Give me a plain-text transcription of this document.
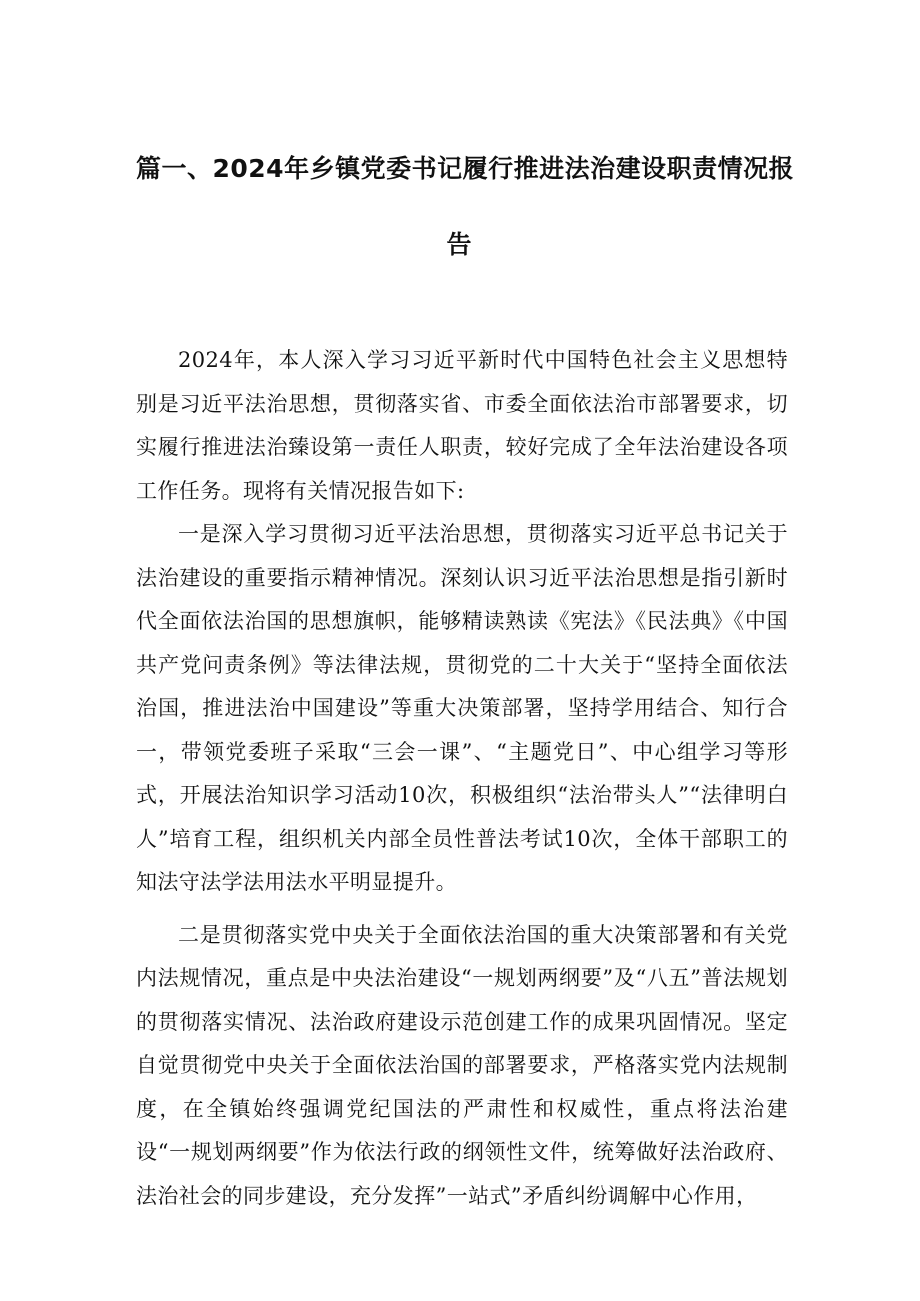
篇一、2024年乡镇党委书记履行推进法治建设职责情况报
告

2024年，本人深入学习习近平新时代中国特色社会主义思想特别是习近平法治思想，贯彻落实省、市委全面依法治市部署要求，切实履行推进法治臻设第一责任人职责，较好完成了全年法治建设各项工作任务。现将有关情况报告如下:

一是深入学习贯彻习近平法治思想，贯彻落实习近平总书记关于法治建设的重要指示精神情况。深刻认识习近平法治思想是指引新时代全面依法治国的思想旗帜，能够精读熟读《宪法》《民法典》《中国共产党问责条例》等法律法规，贯彻党的二十大关于“坚持全面依法治国，推进法治中国建设”等重大决策部署，坚持学用结合、知行合一，带领党委班子采取“三会一课”、“主题党日”、中心组学习等形式，开展法治知识学习活动10次，积极组织“法治带头人”“法律明白人”培育工程，组织机关内部全员性普法考试10次，全体干部职工的知法守法学法用法水平明显提升。

二是贯彻落实党中央关于全面依法治国的重大决策部署和有关党内法规情况，重点是中央法治建设“一规划两纲要”及“八五”普法规划的贯彻落实情况、法治政府建设示范创建工作的成果巩固情况。坚定自觉贯彻党中央关于全面依法治国的部署要求，严格落实党内法规制度，在全镇始终强调党纪国法的严肃性和权威性，重点将法治建设“一规划两纲要”作为依法行政的纲领性文件，统筹做好法治政府、法治社会的同步建设，充分发挥”一站式”矛盾纠纷调解中心作用，
